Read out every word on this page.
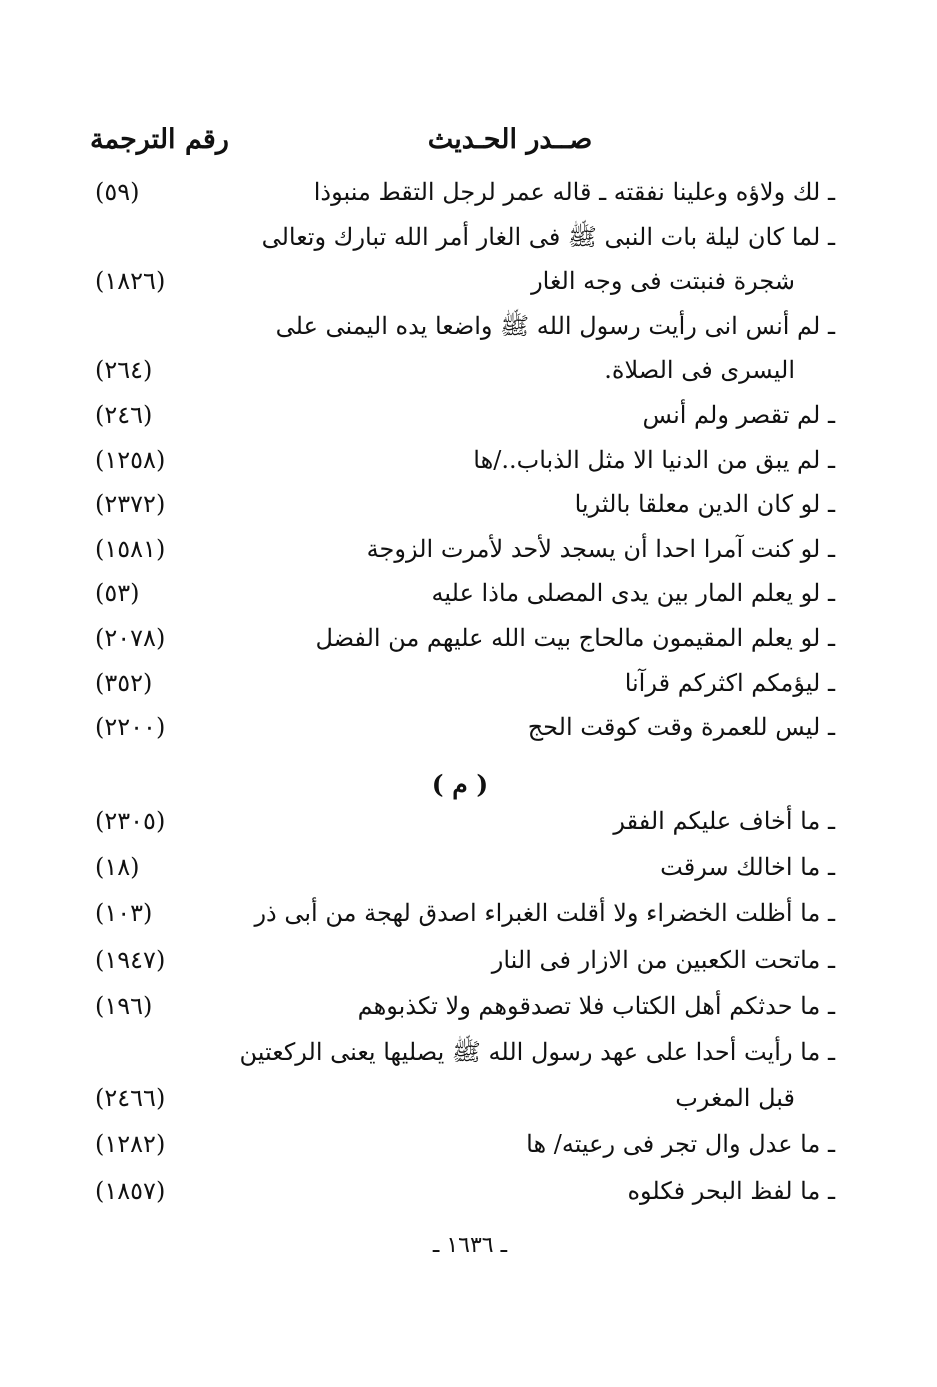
صــدر الحـديث
رقم الترجمة
ـ لك ولاؤه وعلينا نفقته ـ قاله عمر لرجل التقط منبوذا
(٥٩)
ـ لما كان ليلة بات النبى ﷺ فى الغار أمر الله تبارك وتعالى
شجرة فنبتت فى وجه الغار
(١٨٢٦)
ـ لم أنس انى رأيت رسول الله ﷺ واضعا يده اليمنى على
اليسرى فى الصلاة.
(٢٦٤)
ـ لم تقصر ولم أنس
(٢٤٦)
ـ لم يبق من الدنيا الا مثل الذباب../ها
(١٢٥٨)
ـ لو كان الدين معلقا بالثريا
(٢٣٧٢)
ـ لو كنت آمرا احدا أن يسجد لأحد لأمرت الزوجة
(١٥٨١)
ـ لو يعلم المار بين يدى المصلى ماذا عليه
(٥٣)
ـ لو يعلم المقيمون مالحاج بيت الله عليهم من الفضل
(٢٠٧٨)
ـ ليؤمكم اكثركم قرآنا
(٣٥٢)
ـ ليس للعمرة وقت كوقت الحج
(٢٢٠٠)
( م )
ـ ما أخاف عليكم الفقر
(٢٣٠٥)
ـ ما اخالك سرقت
(١٨)
ـ ما أظلت الخضراء ولا أقلت الغبراء اصدق لهجة من أبى ذر
(١٠٣)
ـ ماتحت الكعبين من الازار فى النار
(١٩٤٧)
ـ ما حدثكم أهل الكتاب فلا تصدقوهم ولا تكذبوهم
(١٩٦)
ـ ما رأيت أحدا على عهد رسول الله ﷺ يصليها يعنى الركعتين
قبل المغرب
(٢٤٦٦)
ـ ما عدل وال تجر فى رعيته/ ها
(١٢٨٢)
ـ ما لفظ البحر فكلوه
(١٨٥٧)
ـ ١٦٣٦ ـ
